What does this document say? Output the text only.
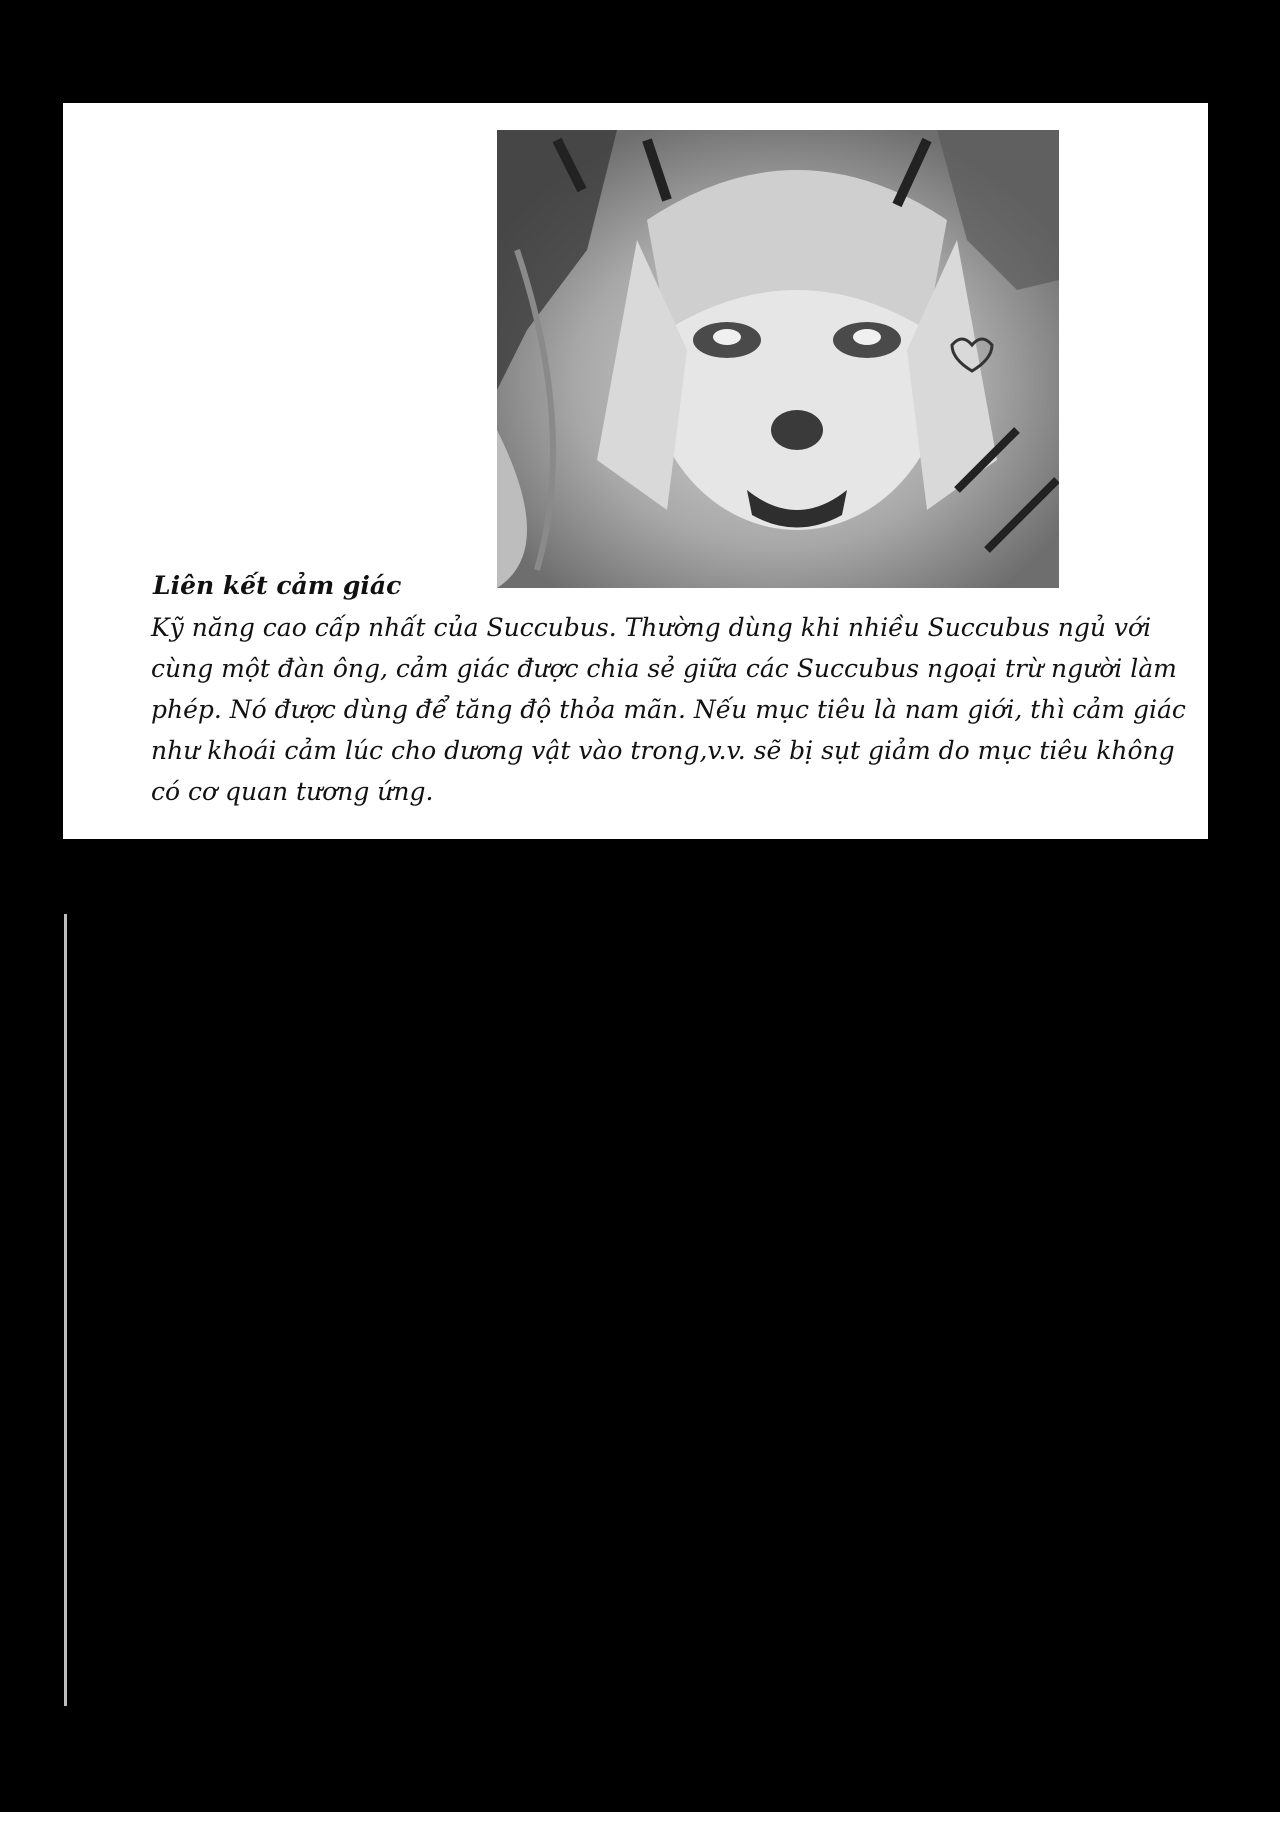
Liên kết cảm giác

Kỹ năng cao cấp nhất của Succubus. Thường dùng khi nhiều Succubus ngủ với
cùng một đàn ông, cảm giác được chia sẻ giữa các Succubus ngoại trừ người làm
phép. Nó được dùng để tăng độ thỏa mãn. Nếu mục tiêu là nam giới, thì cảm giác
như khoái cảm lúc cho dương vật vào trong,v.v. sẽ bị sụt giảm do mục tiêu không
có cơ quan tương ứng.
